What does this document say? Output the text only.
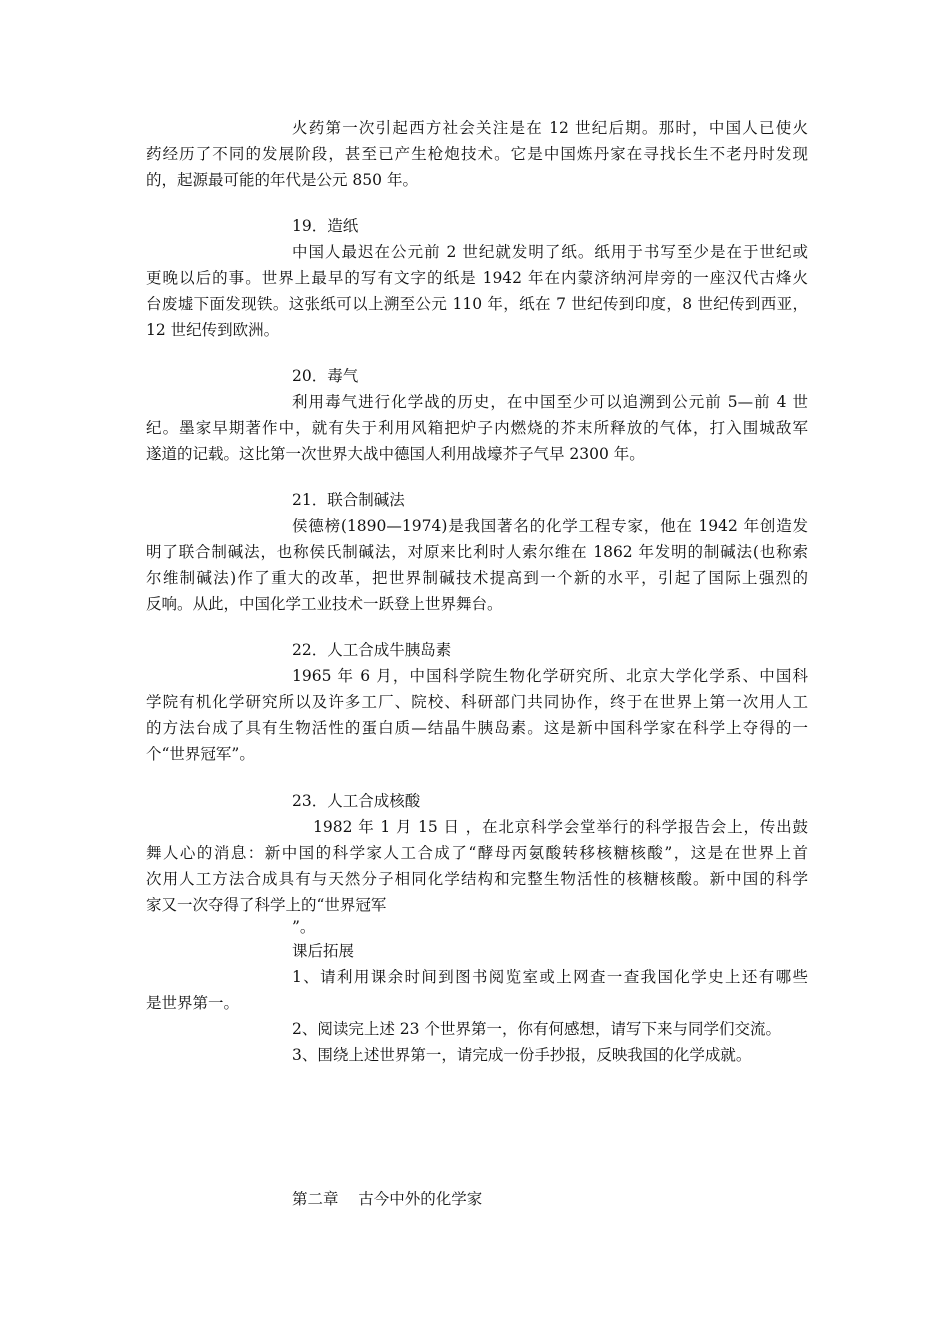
火药第一次引起西方社会关注是在 12 世纪后期。那时，中国人已使火
药经历了不同的发展阶段，甚至已产生枪炮技术。它是中国炼丹家在寻找长生不老丹时发现
的，起源最可能的年代是公元 850 年。
19．造纸
中国人最迟在公元前 2 世纪就发明了纸。纸用于书写至少是在于世纪或
更晚以后的事。世界上最早的写有文字的纸是 1942 年在内蒙济纳河岸旁的一座汉代古烽火
台废墟下面发现铁。这张纸可以上溯至公元 110 年，纸在 7 世纪传到印度，8 世纪传到西亚，
12 世纪传到欧洲。
20．毒气
利用毒气进行化学战的历史，在中国至少可以追溯到公元前 5—前 4 世
纪。墨家早期著作中，就有失于利用风箱把炉子内燃烧的芥末所释放的气体，打入围城敌军
遂道的记载。这比第一次世界大战中德国人利用战壕芥子气早 2300 年。
21．联合制碱法
侯德榜(1890—1974)是我国著名的化学工程专家，他在 1942 年创造发
明了联合制碱法，也称侯氏制碱法，对原来比利时人索尔维在 1862 年发明的制碱法(也称索
尔维制碱法)作了重大的改革，把世界制碱技术提高到一个新的水平，引起了国际上强烈的
反响。从此，中国化学工业技术一跃登上世界舞台。
22．人工合成牛胰岛素
1965 年 6 月，中国科学院生物化学研究所、北京大学化学系、中国科
学院有机化学研究所以及许多工厂、院校、科研部门共同协作，终于在世界上第一次用人工
的方法台成了具有生物活性的蛋白质—结晶牛胰岛素。这是新中国科学家在科学上夺得的一
个“世界冠军”。
23．人工合成核酸
1982 年 1 月 15 日 ，在北京科学会堂举行的科学报告会上，传出鼓
舞人心的消息：新中国的科学家人工合成了“酵母丙氨酸转移核糖核酸”，这是在世界上首
次用人工方法合成具有与天然分子相同化学结构和完整生物活性的核糖核酸。新中国的科学
家又一次夺得了科学上的“世界冠军
”。
课后拓展
1、请利用课余时间到图书阅览室或上网查一查我国化学史上还有哪些
是世界第一。
2、阅读完上述 23 个世界第一，你有何感想，请写下来与同学们交流。
3、围绕上述世界第一，请完成一份手抄报，反映我国的化学成就。
第二章    古今中外的化学家
